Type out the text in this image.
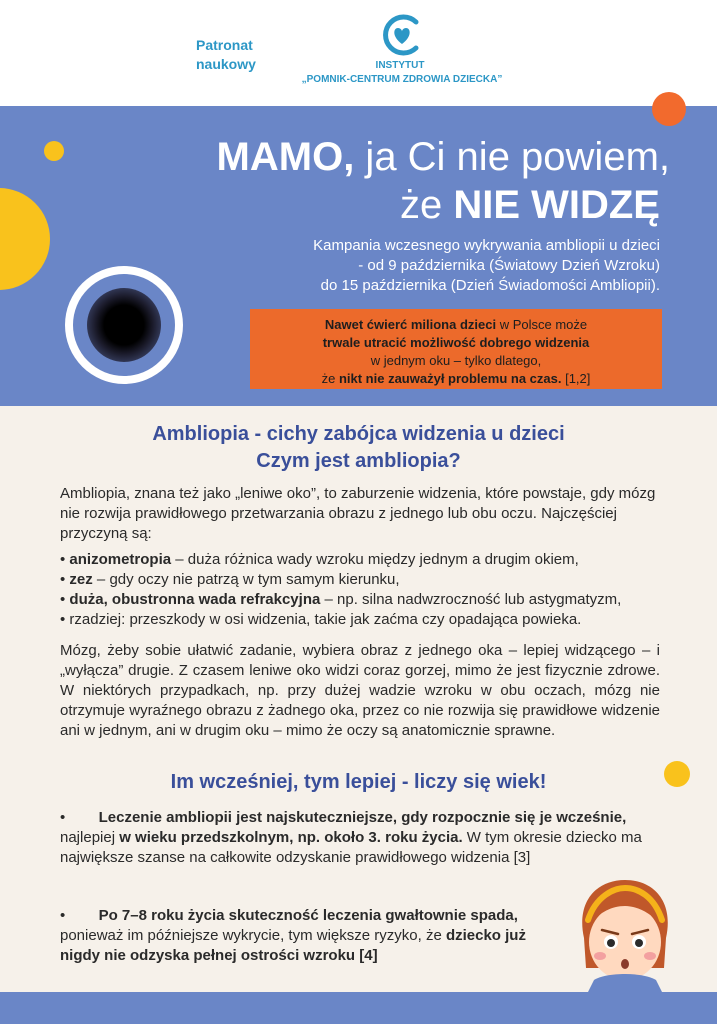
Patronat
naukowy	INSTYTUT
„POMNIK-CENTRUM ZDROWIA DZIECKA”
MAMO, ja Ci nie powiem,
że NIE WIDZĘ
Kampania wczesnego wykrywania ambliopii u dzieci
- od 9 października (Światowy Dzień Wzroku)
do 15 października (Dzień Świadomości Ambliopii).
Nawet ćwierć miliona dzieci w Polsce może
trwale utracić możliwość dobrego widzenia
w jednym oku – tylko dlatego,
że nikt nie zauważył problemu na czas. [1,2]
Ambliopia - cichy zabójca widzenia u dzieci
Czym jest ambliopia?
Ambliopia, znana też jako „leniwe oko”, to zaburzenie widzenia, które powstaje, gdy mózg nie rozwija prawidłowego przetwarzania obrazu z jednego lub obu oczu. Najczęściej przyczyną są:
• anizometropia – duża różnica wady wzroku między jednym a drugim okiem,
• zez – gdy oczy nie patrzą w tym samym kierunku,
• duża, obustronna wada refrakcyjna – np. silna nadwzroczność lub astygmatyzm,
• rzadziej: przeszkody w osi widzenia, takie jak zaćma czy opadająca powieka.
Mózg, żeby sobie ułatwić zadanie, wybiera obraz z jednego oka – lepiej widzącego – i „wyłącza” drugie. Z czasem leniwe oko widzi coraz gorzej, mimo że jest fizycznie zdrowe. W niektórych przypadkach, np. przy dużej wadzie wzroku w obu oczach, mózg nie otrzymuje wyraźnego obrazu z żadnego oka, przez co nie rozwija się prawidłowe widzenie ani w jednym, ani w drugim oku – mimo że oczy są anatomicznie sprawne.
Im wcześniej, tym lepiej - liczy się wiek!
•        Leczenie ambliopii jest najskuteczniejsze, gdy rozpocznie się je wcześnie, najlepiej w wieku przedszkolnym, np. około 3. roku życia. W tym okresie dziecko ma największe szanse na całkowite odzyskanie prawidłowego widzenia [3]
•        Po 7–8 roku życia skuteczność leczenia gwałtownie spada, ponieważ im późniejsze wykrycie, tym większe ryzyko, że dziecko już nigdy nie odzyska pełnej ostrości wzroku [4]
